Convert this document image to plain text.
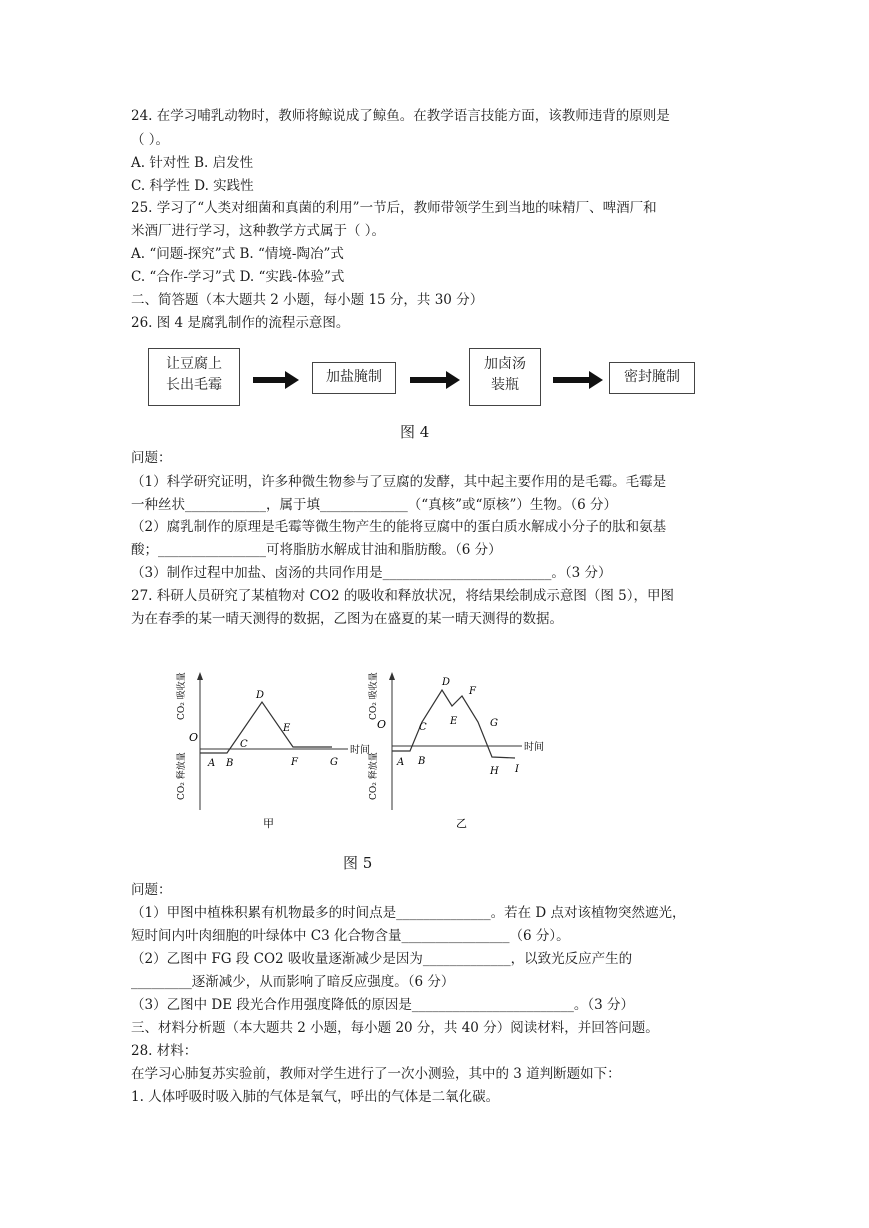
24. 在学习哺乳动物时，教师将鲸说成了鲸鱼。在教学语言技能方面，该教师违背的原则是
（ ）。
A. 针对性 B. 启发性
C. 科学性 D. 实践性
25. 学习了“人类对细菌和真菌的利用”一节后，教师带领学生到当地的味精厂、啤酒厂和
米酒厂进行学习，这种教学方式属于（ ）。
A. “问题-探究”式 B. “情境-陶冶”式
C. “合作-学习”式 D. “实践-体验”式
二、简答题（本大题共 2 小题，每小题 15 分，共 30 分）
26. 图 4 是腐乳制作的流程示意图。
让豆腐上
长出毛霉	加盐腌制
加卤汤
装瓶	密封腌制
图 4
问题：
（1）科学研究证明，许多种微生物参与了豆腐的发酵，其中起主要作用的是毛霉。毛霉是
一种丝状____________，属于填_____________（“真核”或“原核”）生物。（6 分）
（2）腐乳制作的原理是毛霉等微生物产生的能将豆腐中的蛋白质水解成小分子的肽和氨基
酸；________________可将脂肪水解成甘油和脂肪酸。（6 分）
（3）制作过程中加盐、卤汤的共同作用是_________________________。（3 分）
27. 科研人员研究了某植物对 CO2 的吸收和释放状况，将结果绘制成示意图（图 5），甲图
为在春季的某一晴天测得的数据，乙图为在盛夏的某一晴天测得的数据。
时间
O
CO₂ 吸收量
CO₂ 释放量 A B
C
D
E
F	G
甲
时间
O
CO₂ 吸收量
CO₂ 释放量 A B
C
D
E
F
G
H I
乙
图 5
问题：
（1）甲图中植株积累有机物最多的时间点是______________。若在 D 点对该植物突然遮光，
短时间内叶肉细胞的叶绿体中 C3 化合物含量________________（6 分）。
（2）乙图中 FG 段 CO2 吸收量逐渐减少是因为_____________，以致光反应产生的
_________逐渐减少，从而影响了暗反应强度。（6 分）
（3）乙图中 DE 段光合作用强度降低的原因是________________________。（3 分）
三、材料分析题（本大题共 2 小题，每小题 20 分，共 40 分）阅读材料，并回答问题。
28. 材料：
在学习心肺复苏实验前，教师对学生进行了一次小测验，其中的 3 道判断题如下：
1. 人体呼吸时吸入肺的气体是氧气，呼出的气体是二氧化碳。
